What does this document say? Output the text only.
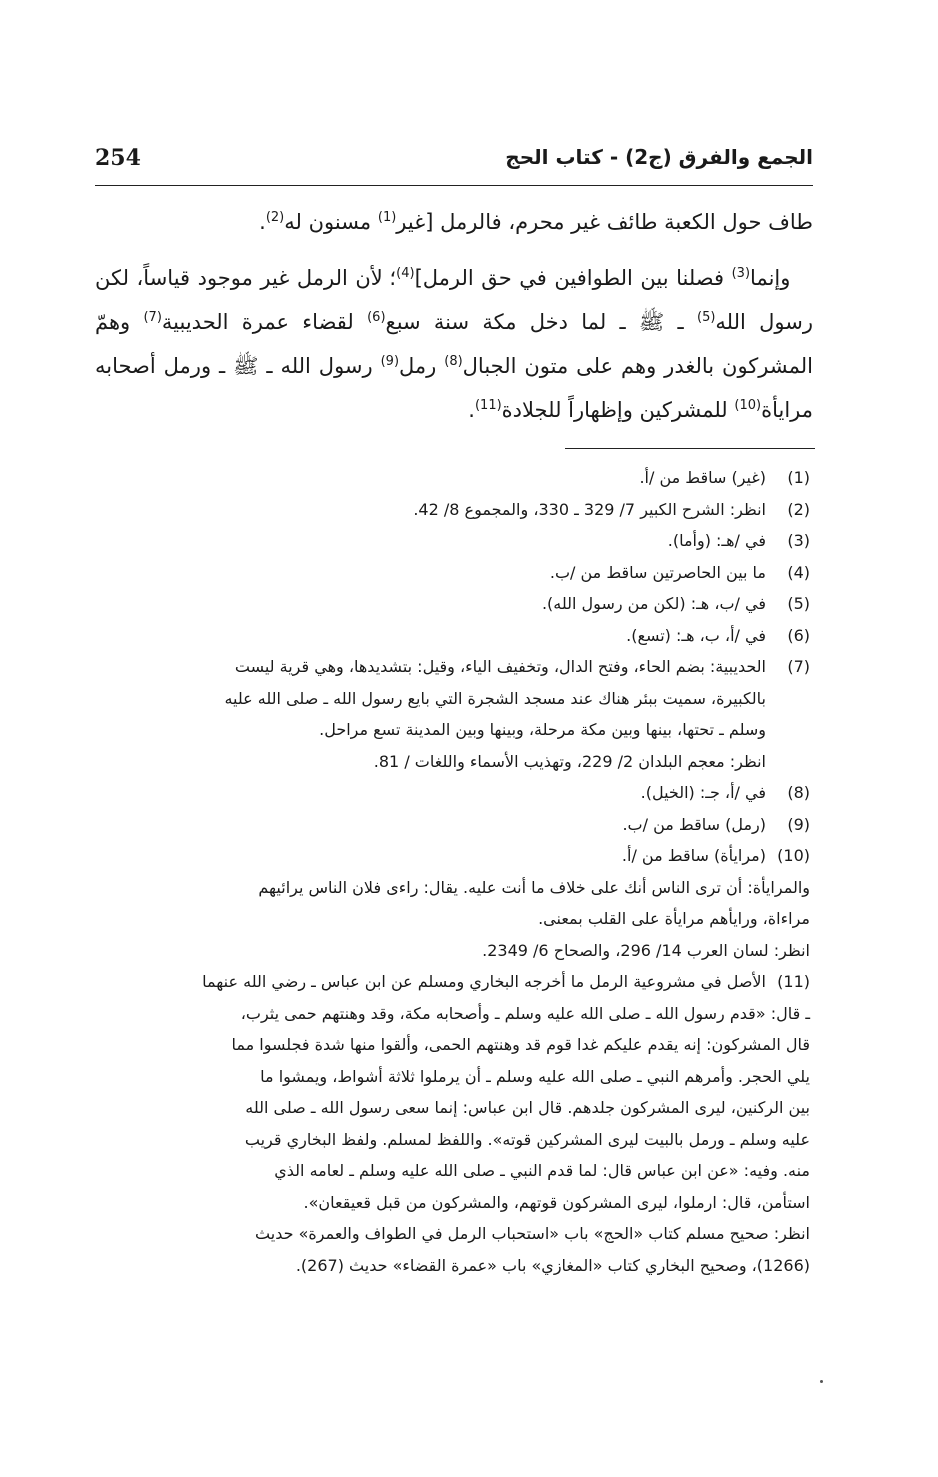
254	الجمع والفرق (ج2) - كتاب الحج

طاف حول الكعبة طائف غير محرم، فالرمل [غير$^{(1)}$ مسنون له$^{(2)}$.

وإنما$^{(3)}$ فصلنا بين الطوافين في حق الرمل]$^{(4)}$؛ لأن الرمل غير موجود قياساً، لكن رسول الله$^{(5)}$ ـ ﷺ ـ لما دخل مكة سنة سبع$^{(6)}$ لقضاء عمرة الحديبية$^{(7)}$ وهمّ المشركون بالغدر وهم على متون الجبال$^{(8)}$ رمل$^{(9)}$ رسول الله ـ ﷺ ـ ورمل أصحابه مرايأة$^{(10)}$ للمشركين وإظهاراً للجلادة$^{(11)}$.

(1)
(غير) ساقط من /أ.
(2)
انظر: الشرح الكبير 7/ 329 ـ 330، والمجموع 8/ 42.
(3)
في /هـ: (وأما).
(4)
ما بين الحاصرتين ساقط من /ب.
(5)
في /ب، هـ: (لكن من رسول الله).
(6)
في /أ، ب، هـ: (تسع).
(7)
الحديبية: بضم الحاء، وفتح الدال، وتخفيف الياء، وقيل: بتشديدها، وهي قرية ليست
بالكبيرة، سميت ببئر هناك عند مسجد الشجرة التي بايع رسول الله ـ صلى الله عليه
وسلم ـ تحتها، بينها وبين مكة مرحلة، وبينها وبين المدينة تسع مراحل.
انظر: معجم البلدان 2/ 229، وتهذيب الأسماء واللغات / 81.
(8)
في /أ، جـ: (الخيل).
(9)
(رمل) ساقط من /ب.
(10)
(مرايأة) ساقط من /أ.
والمرايأة: أن ترى الناس أنك على خلاف ما أنت عليه. يقال: راءى فلان الناس يرائيهم
مراءاة، ورايأهم مرايأة على القلب بمعنى.
انظر: لسان العرب 14/ 296، والصحاح 6/ 2349.
(11)
الأصل في مشروعية الرمل ما أخرجه البخاري ومسلم عن ابن عباس ـ رضي الله عنهما
ـ قال: «قدم رسول الله ـ صلى الله عليه وسلم ـ وأصحابه مكة، وقد وهنتهم حمى يثرب،
قال المشركون: إنه يقدم عليكم غدا قوم قد وهنتهم الحمى، وألقوا منها شدة فجلسوا مما
يلي الحجر. وأمرهم النبي ـ صلى الله عليه وسلم ـ أن يرملوا ثلاثة أشواط، ويمشوا ما
بين الركنين، ليرى المشركون جلدهم. قال ابن عباس: إنما سعى رسول الله ـ صلى الله
عليه وسلم ـ ورمل بالبيت ليرى المشركين قوته». واللفظ لمسلم. ولفظ البخاري قريب
منه. وفيه: «عن ابن عباس قال: لما قدم النبي ـ صلى الله عليه وسلم ـ لعامه الذي
استأمن، قال: ارملوا، ليرى المشركون قوتهم، والمشركون من قبل قعيقعان».
انظر: صحيح مسلم كتاب «الحج» باب «استحباب الرمل في الطواف والعمرة» حديث
(1266)، وصحيح البخاري كتاب «المغازي» باب «عمرة القضاء» حديث (267).
